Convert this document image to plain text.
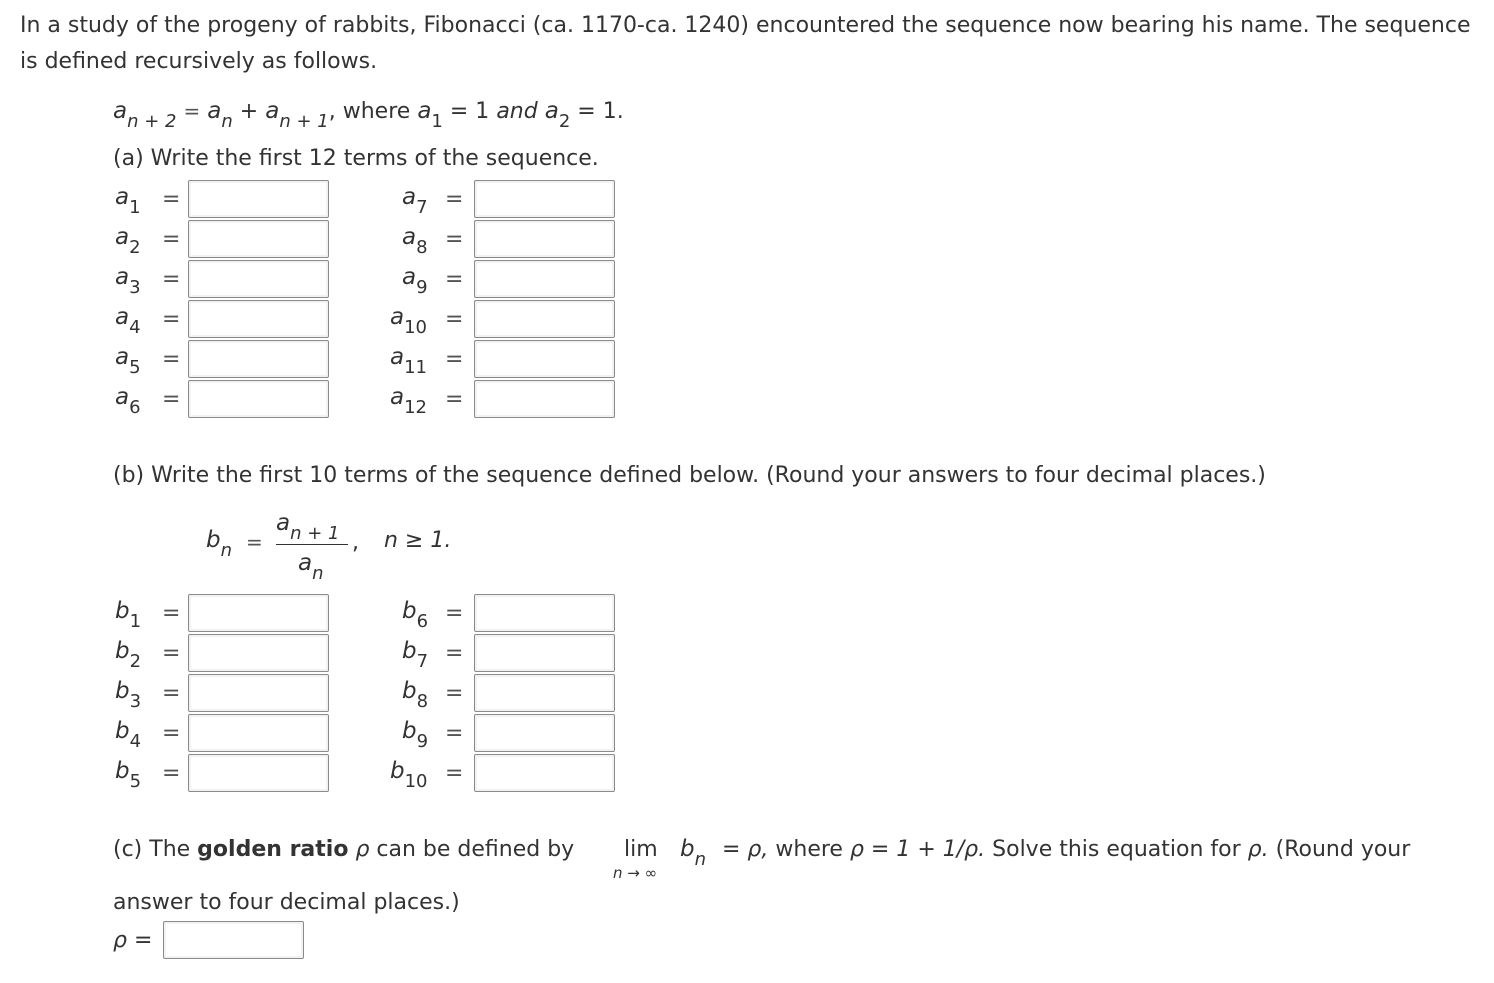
In a study of the progeny of rabbits, Fibonacci (ca. 1170-ca. 1240) encountered the sequence now bearing his name. The sequence is defined recursively as follows.
$a_{n + 2} = a_n + a_{n + 1}$, where $a_1 = 1$ and $a_2 = 1$.
(a) Write the first 12 terms of the sequence.
$a_1$ =
$a_2$ =
$a_3$ =
$a_4$ =
$a_5$ =
$a_6$ =
$a_7$ =
$a_8$ =
$a_9$ =
$a_{10}$ =
$a_{11}$ =
$a_{12}$ =
(b) Write the first 10 terms of the sequence defined below. (Round your answers to four decimal places.)
bn =
an + 1
an
, n ≥ 1.
$b_1$ =
$b_2$ =
$b_3$ =
$b_4$ =
$b_5$ =
$b_6$ =
$b_7$ =
$b_8$ =
$b_9$ =
$b_{10}$ =
(c) The golden ratio ρ can be defined by lim
n → ∞
bn = ρ, where ρ = 1 + 1/ρ. Solve this equation for ρ. (Round your
answer to four decimal places.)
ρ =
